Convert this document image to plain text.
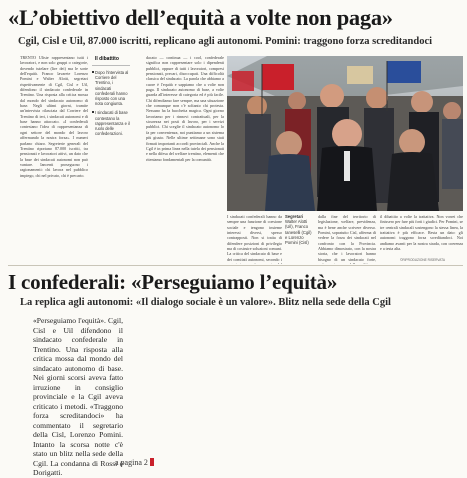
«L’obiettivo dell’equità a volte non paga»
Cgil, Cisl e Uil, 87.000 iscritti, replicano agli autonomi. Pomini: traggono forza screditandoci

TRENTO Uliste rappresentano tutti i lavoratori, e non solo gruppi o categorie, dovendo tutelare (lire dei) ma le sorte dell'equità. Franco lavarete Lorenzo Pomini e Walter Alotti, segretari rispettivamente di Cgil, Cisl e Uil, difendono il sindacato confederale in Trentino. Una risposta alla critica mossa dal mondo del sindacato autonomo di base. Negli ultimi giorni, tramite un'intervista rilasciata dal Corriere del Trentino di ieri, i sindacati autonomi e di base hanno attaccato. «I confederali contestano l'idea di rappresentanza di ogni settore del mondo del lavoro affermando la nostra forza». I numeri parlano chiaro. Segreterie generali del Trentino riportano 87.000 iscritti, tra pensionati e lavoratori attivi, un dato che la base dei sindacati autonomi non può vantare. Iancenti proseguono i ragionamenti: chi lavora nel pubblico impiego, chi nel privato, chi è precario.

Il dibattito
Dopo l'intervista al Corriere del Trentino, i sindacati confederali hanno risposto con una nota congiunta.
I sindacati di base contestano la rappresentanza e il ruolo delle confederazioni.

dacato — continua — i cool, confederale significa non rappresentare solo i dipendenti pubblici, oppure di tutti i lavoratori, compresi pensionati, precari, disoccupati. Una difficoltà classica del sindacato. La parola che abbiamo a cuore è l'equità e sappiamo che a volte non paga. Il sindacato autonomo di base, a volte guarda all'interesse di categoria ed è più facile. Chi difendiamo fare sempre, ma una situazione che comunque non c'è soltanto chi protesta. Nessuno ha la bacchetta magica. Ogni giorno lavoriamo per i rinnovi contrattuali, per la sicurezza nei posti di lavoro, per i servizi pubblici. Chi sceglie il sindacato autonomo lo fa per convenienza, noi puntiamo a un sistema più giusto. Nelle ultime settimane sono stati firmati importanti accordi provinciali. Anche la Cgil è in prima linea nella tutela dei pensionati e nella difesa del welfare trentino, elementi che riteniamo fondamentali per la comunità.

I sindacati confederali hanno da sempre una funzione di coesione sociale e tengono insieme interessi diversi, spesso contrapposti. Non si tratta di difendere posizioni di privilegio ma di costruire soluzioni comuni. La critica del sindacato di base e dei comitati autonomi, secondo i

Segretari
Walter Alotti (Uil), Franco Ianeselli (Cgil) e Lorenzo Pomini (Cisl)

dalla fine del territorio di legislazione, welfare, previdenza, ma è bene anche scrivere diverso. Pomini, sopratutto Cisl, afferma di vedere la forza dei sindacati nel confronto con la Provincia. Abbiamo dimostrato, con la nostra storia, che i lavoratori hanno bisogno di un sindacato forte,

il dibattito a volte la trattativa. Non vorrei che finissero per fare più forti i giudici. Per Pomini, se tre centrali sindacali sostengono la stessa linea, la trattativa è più efficace. Resta un dato: gli autonomi traggono forza screditandoci. Noi andiamo avanti per la nostra strada, con coerenza e a testa alta.

©RIPRODUZIONE RISERVATA
I confederali: «Perseguiamo l’equità»
La replica agli autonomi: «Il dialogo sociale è un valore». Blitz nella sede della Cgil

«Perseguiamo l'equità». Cgil, Cisl e Uil difendono il sindacato confederale in Trentino. Una risposta alla critica mossa dal mondo del sindacato autonomo di base. Nei giorni scorsi aveva fatto irruzione in consiglio provinciale e la Cgil aveva criticato i metodi. «Traggono forza screditandoci» ha commentato il segretario della Cisl, Lorenzo Pomini. Intanto la scorsa notte c'è stato un blitz nella sede della Cgil. La condanna di Rossi e Dorigatti.

a pagina 2
